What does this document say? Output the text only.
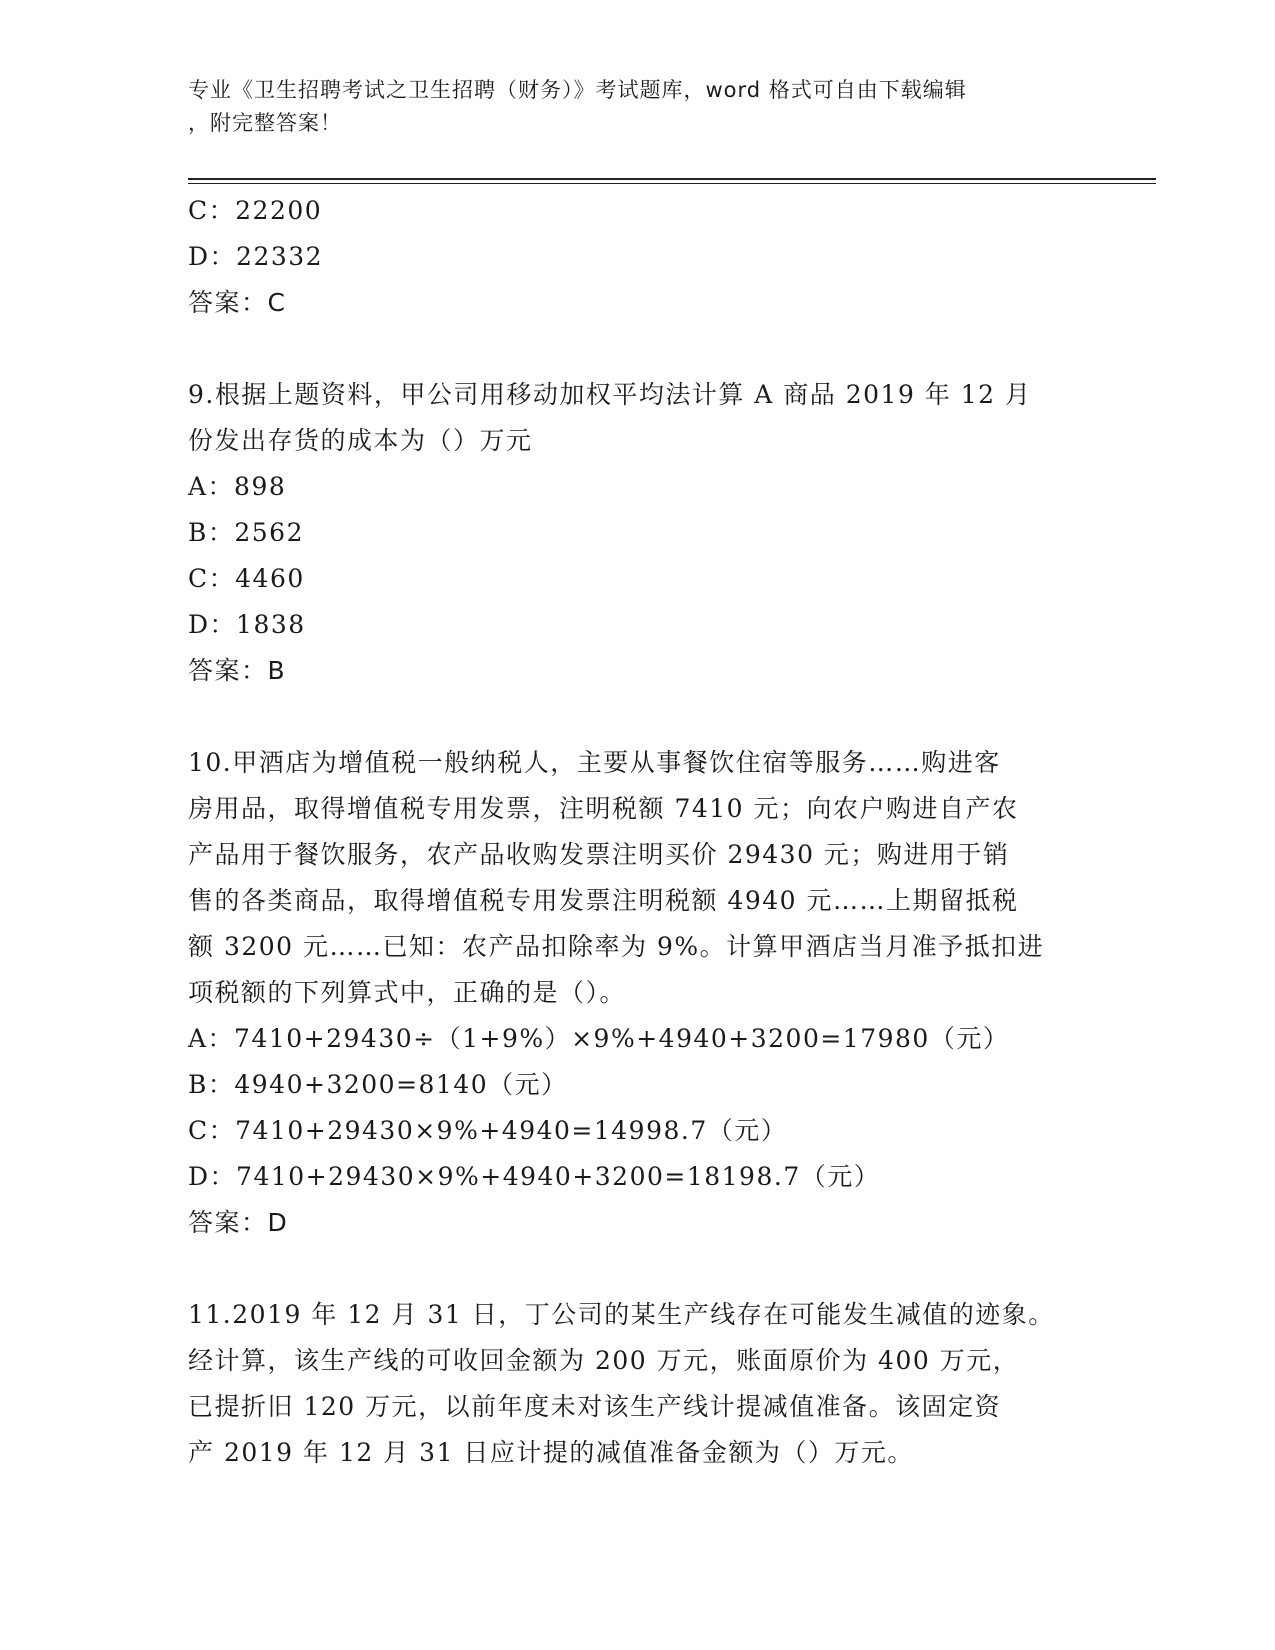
专业《卫生招聘考试之卫生招聘（财务）》考试题库，word 格式可自由下载编辑
，附完整答案！
C：22200
D：22332
答案：C
9.根据上题资料，甲公司用移动加权平均法计算 A 商品 2019 年 12 月
份发出存货的成本为（）万元
A：898
B：2562
C：4460
D：1838
答案：B
10.甲酒店为增值税一般纳税人，主要从事餐饮住宿等服务……购进客
房用品，取得增值税专用发票，注明税额 7410 元；向农户购进自产农
产品用于餐饮服务，农产品收购发票注明买价 29430 元；购进用于销
售的各类商品，取得增值税专用发票注明税额 4940 元……上期留抵税
额 3200 元……已知：农产品扣除率为 9%。计算甲酒店当月准予抵扣进
项税额的下列算式中，正确的是（）。
A：7410+29430÷（1+9%）×9%+4940+3200=17980（元）
B：4940+3200=8140（元）
C：7410+29430×9%+4940=14998.7（元）
D：7410+29430×9%+4940+3200=18198.7（元）
答案：D
11.2019 年 12 月 31 日，丁公司的某生产线存在可能发生减值的迹象。
经计算，该生产线的可收回金额为 200 万元，账面原价为 400 万元，
已提折旧 120 万元，以前年度未对该生产线计提减值准备。该固定资
产 2019 年 12 月 31 日应计提的减值准备金额为（）万元。
